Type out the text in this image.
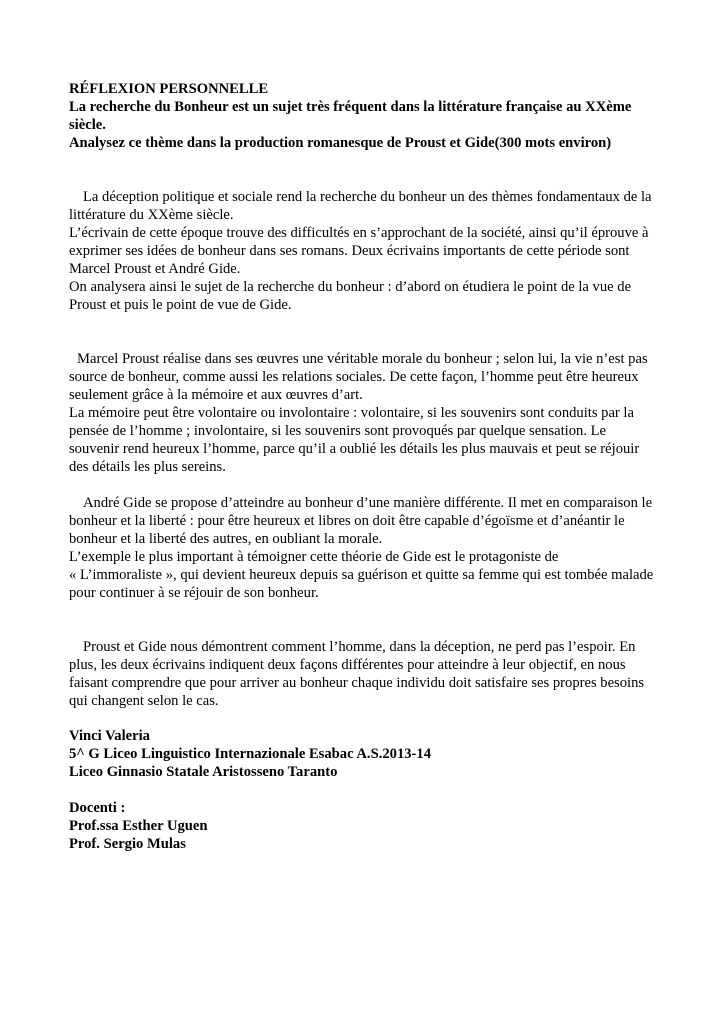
RÉFLEXION PERSONNELLE
La recherche du Bonheur est un sujet très fréquent dans la littérature française au XXème
siècle.
Analysez ce thème dans la production romanesque de Proust et Gide(300 mots environ)
La déception politique et sociale rend la recherche du bonheur un des thèmes fondamentaux de la
littérature du XXème siècle.
L’écrivain de cette époque trouve des difficultés en s’approchant de la société, ainsi qu’il éprouve à
exprimer ses idées de bonheur dans ses romans. Deux écrivains importants de cette période sont
Marcel Proust et André Gide.
On analysera ainsi le sujet de la recherche du bonheur : d’abord on étudiera le point de la vue de
Proust et puis le point de vue de Gide.
Marcel Proust réalise dans ses œuvres une véritable morale du bonheur ; selon lui, la vie n’est pas
source de bonheur, comme aussi les relations sociales. De cette façon, l’homme peut être heureux
seulement grâce à la mémoire et aux œuvres d’art.
La mémoire peut être volontaire ou involontaire : volontaire, si les souvenirs sont conduits par la
pensée de l’homme ; involontaire, si les souvenirs sont provoqués par quelque sensation. Le
souvenir rend heureux l’homme, parce qu’il a oublié les détails les plus mauvais et peut se réjouir
des détails les plus sereins.
André Gide se propose d’atteindre au bonheur d’une manière différente. Il met en comparaison le
bonheur et la liberté : pour être heureux et libres on doit être capable d’égoïsme et d’anéantir le
bonheur et la liberté des autres, en oubliant la morale.
L’exemple le plus important à témoigner cette théorie de Gide est le protagoniste de
« L’immoraliste », qui devient heureux depuis sa guérison et quitte sa femme qui est tombée malade
pour continuer à se réjouir de son bonheur.
Proust et Gide nous démontrent comment l’homme, dans la déception, ne perd pas l’espoir. En
plus, les deux écrivains indiquent deux façons différentes pour atteindre à leur objectif, en nous
faisant comprendre que pour arriver au bonheur chaque individu doit satisfaire ses propres besoins
qui changent selon le cas.
Vinci Valeria
5^ G Liceo Linguistico Internazionale Esabac A.S.2013-14
Liceo Ginnasio Statale Aristosseno Taranto
Docenti :
Prof.ssa Esther Uguen
Prof. Sergio Mulas
